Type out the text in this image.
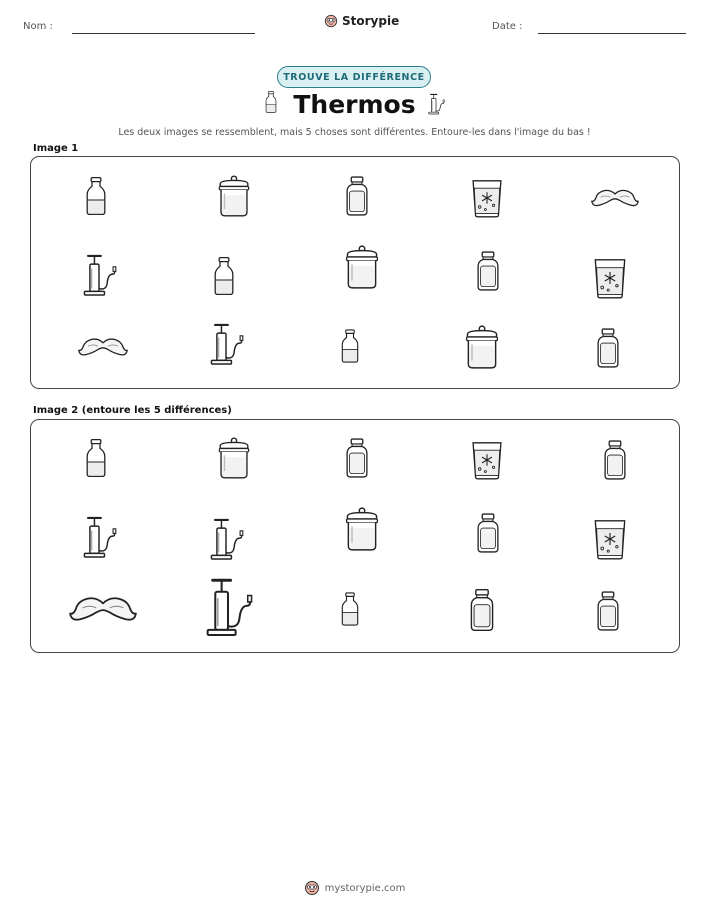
Nom :	Storypie	Date :
TROUVE LA DIFFÉRENCE
Thermos
Les deux images se ressemblent, mais 5 choses sont différentes. Entoure-les dans l'image du bas !
Image 1
Image 2 (entoure les 5 différences)
mystorypie.com
